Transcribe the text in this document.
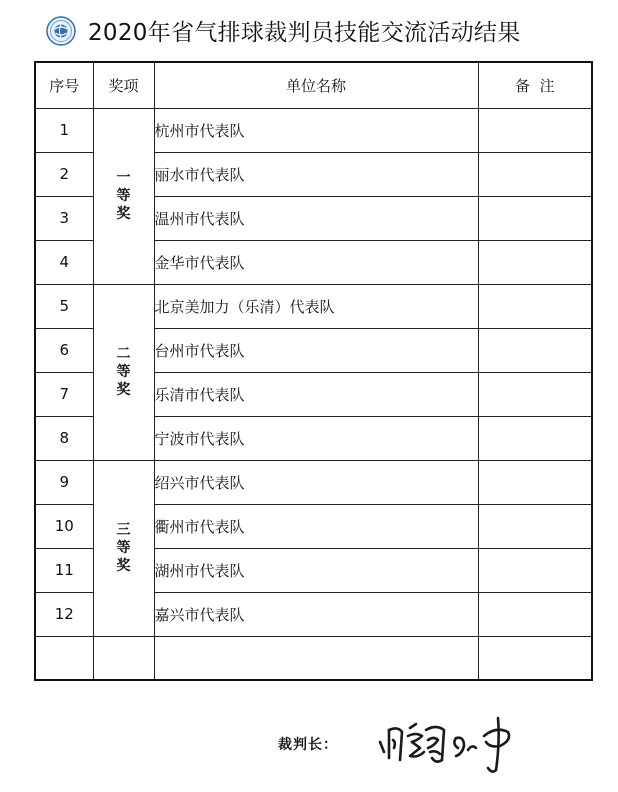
2020年省气排球裁判员技能交流活动结果
序号	奖项	单位名称	备  注
1	一等奖	杭州市代表队	
2		丽水市代表队	
3		温州市代表队	
4		金华市代表队	
5	二等奖	北京美加力（乐清）代表队	
6		台州市代表队	
7		乐清市代表队	
8		宁波市代表队	
9	三等奖	绍兴市代表队	
10		衢州市代表队	
11		湖州市代表队	
12		嘉兴市代表队	

裁判长：
